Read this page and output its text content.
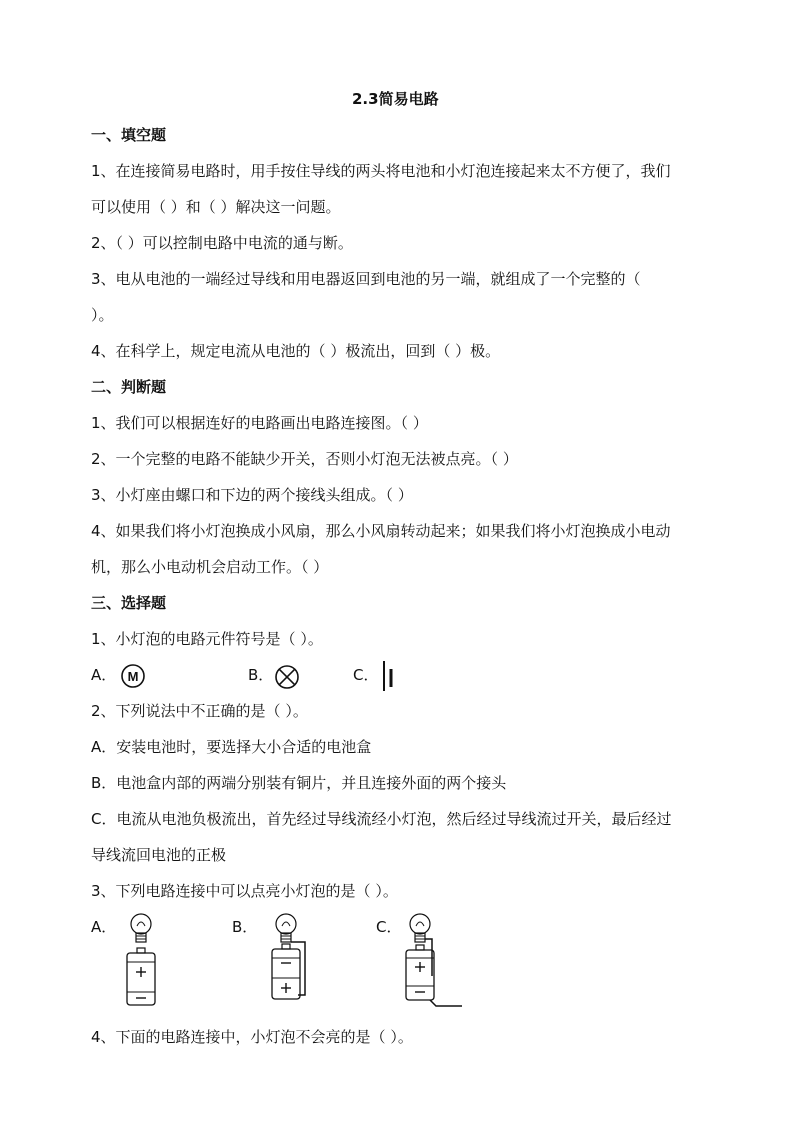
2.3简易电路
一、填空题
1、在连接简易电路时，用手按住导线的两头将电池和小灯泡连接起来太不方便了，我们
可以使用（ ）和（ ）解决这一问题。
2、（ ）可以控制电路中电流的通与断。
3、电从电池的一端经过导线和用电器返回到电池的另一端，就组成了一个完整的（
）。
4、在科学上，规定电流从电池的（ ）极流出，回到（ ）极。
二、判断题
1、我们可以根据连好的电路画出电路连接图。（ ）
2、一个完整的电路不能缺少开关，否则小灯泡无法被点亮。（ ）
3、小灯座由螺口和下边的两个接线头组成。（ ）
4、如果我们将小灯泡换成小风扇，那么小风扇转动起来；如果我们将小灯泡换成小电动
机，那么小电动机会启动工作。（ ）
三、选择题
1、小灯泡的电路元件符号是（ ）。
A． M	B．	C．
2、下列说法中不正确的是（ ）。
A．安装电池时，要选择大小合适的电池盒
B．电池盒内部的两端分别装有铜片，并且连接外面的两个接头
C．电流从电池负极流出，首先经过导线流经小灯泡，然后经过导线流过开关，最后经过
导线流回电池的正极
3、下列电路连接中可以点亮小灯泡的是（ ）。
A．	B．	C．
4、下面的电路连接中，小灯泡不会亮的是（ ）。
